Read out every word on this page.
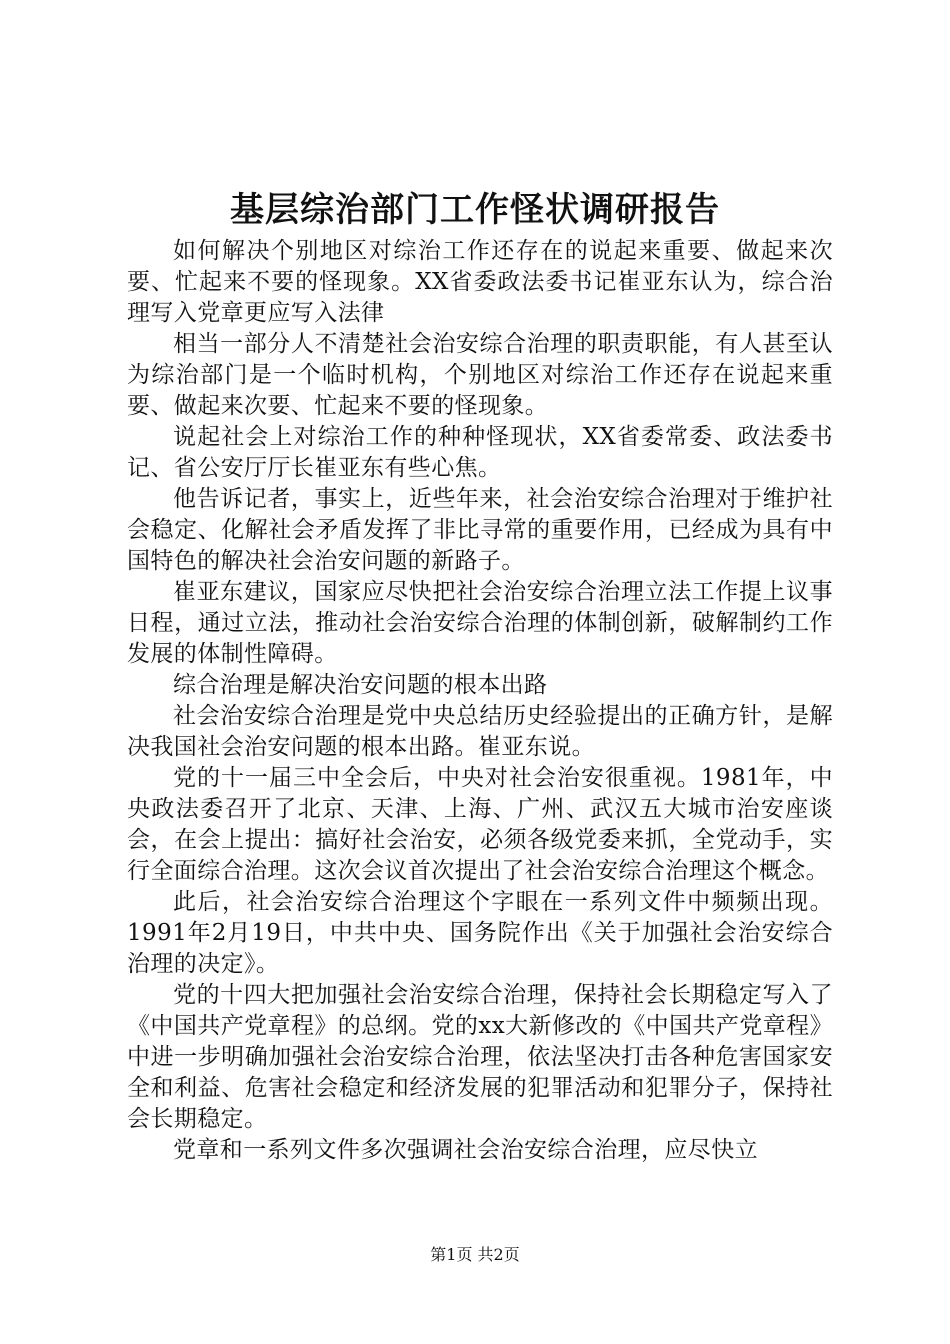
基层综治部门工作怪状调研报告

如何解决个别地区对综治工作还存在的说起来重要、做起来次要、忙起来不要的怪现象。XX省委政法委书记崔亚东认为，综合治理写入党章更应写入法律

相当一部分人不清楚社会治安综合治理的职责职能，有人甚至认为综治部门是一个临时机构，个别地区对综治工作还存在说起来重要、做起来次要、忙起来不要的怪现象。

说起社会上对综治工作的种种怪现状，XX省委常委、政法委书记、省公安厅厅长崔亚东有些心焦。

他告诉记者，事实上，近些年来，社会治安综合治理对于维护社会稳定、化解社会矛盾发挥了非比寻常的重要作用，已经成为具有中国特色的解决社会治安问题的新路子。

崔亚东建议，国家应尽快把社会治安综合治理立法工作提上议事日程，通过立法，推动社会治安综合治理的体制创新，破解制约工作发展的体制性障碍。

综合治理是解决治安问题的根本出路

社会治安综合治理是党中央总结历史经验提出的正确方针，是解决我国社会治安问题的根本出路。崔亚东说。

党的十一届三中全会后，中央对社会治安很重视。1981年，中央政法委召开了北京、天津、上海、广州、武汉五大城市治安座谈会，在会上提出：搞好社会治安，必须各级党委来抓，全党动手，实行全面综合治理。这次会议首次提出了社会治安综合治理这个概念。

此后，社会治安综合治理这个字眼在一系列文件中频频出现。1991年2月19日，中共中央、国务院作出《关于加强社会治安综合治理的决定》。

党的十四大把加强社会治安综合治理，保持社会长期稳定写入了《中国共产党章程》的总纲。党的xx大新修改的《中国共产党章程》中进一步明确加强社会治安综合治理，依法坚决打击各种危害国家安全和利益、危害社会稳定和经济发展的犯罪活动和犯罪分子，保持社会长期稳定。

党章和一系列文件多次强调社会治安综合治理，应尽快立

第1页 共2页
